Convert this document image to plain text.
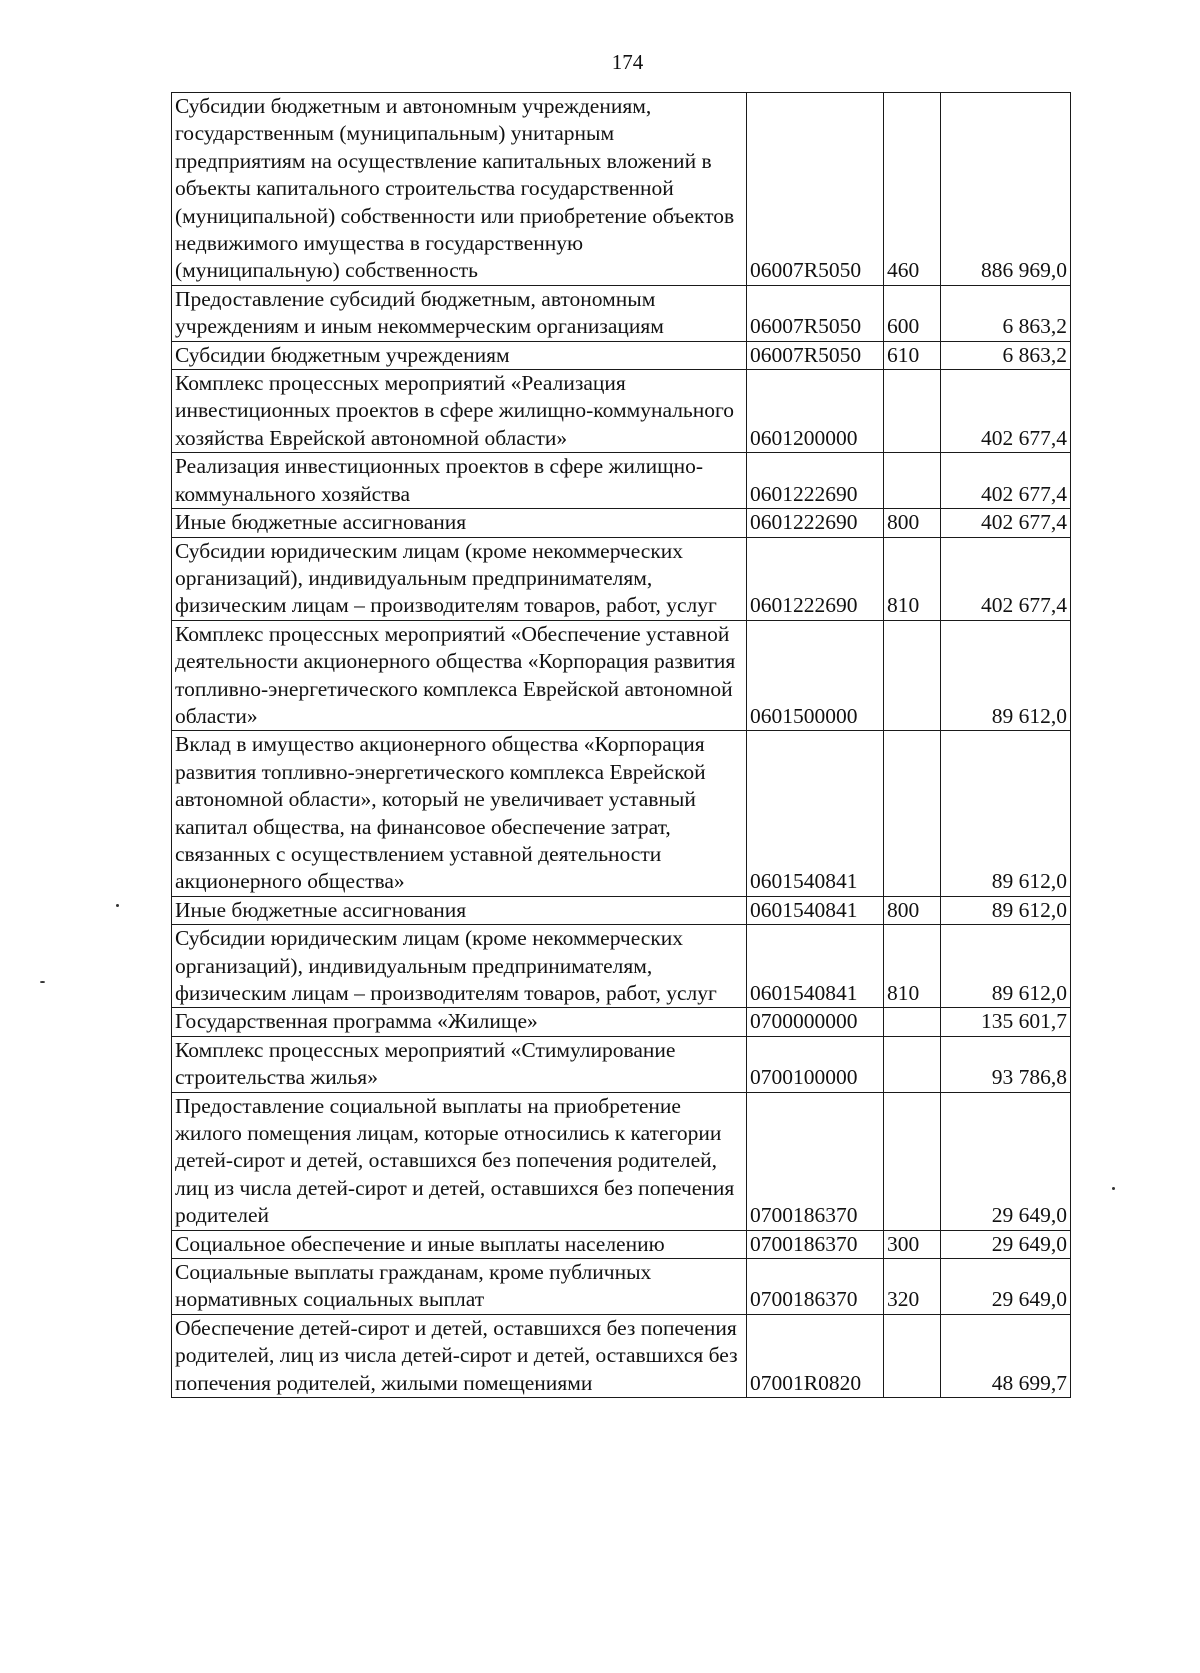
174
Субсидии бюджетным и автономным учреждениям, государственным (муниципальным) унитарным предприятиям на осуществление капитальных вложений в объекты капитального строительства государственной (муниципальной) собственности или приобретение объектов недвижимого имущества в государственную (муниципальную) собственность	06007R5050	460	886 969,0
Предоставление субсидий бюджетным, автономным учреждениям и иным некоммерческим организациям	06007R5050	600	6 863,2
Субсидии бюджетным учреждениям	06007R5050	610	6 863,2
Комплекс процессных мероприятий «Реализация инвестиционных проектов в сфере жилищно-коммунального хозяйства Еврейской автономной области»	0601200000		402 677,4
Реализация инвестиционных проектов в сфере жилищно-коммунального хозяйства	0601222690		402 677,4
Иные бюджетные ассигнования	0601222690	800	402 677,4
Субсидии юридическим лицам (кроме некоммерческих организаций), индивидуальным предпринимателям, физическим лицам – производителям товаров, работ, услуг	0601222690	810	402 677,4
Комплекс процессных мероприятий «Обеспечение уставной деятельности акционерного общества «Корпорация развития топливно-энергетического комплекса Еврейской автономной области»	0601500000		89 612,0
Вклад в имущество акционерного общества «Корпорация развития топливно-энергетического комплекса Еврейской автономной области», который не увеличивает уставный капитал общества, на финансовое обеспечение затрат, связанных с осуществлением уставной деятельности акционерного общества»	0601540841		89 612,0
Иные бюджетные ассигнования	0601540841	800	89 612,0
Субсидии юридическим лицам (кроме некоммерческих организаций), индивидуальным предпринимателям, физическим лицам – производителям товаров, работ, услуг	0601540841	810	89 612,0
Государственная программа «Жилище»	0700000000		135 601,7
Комплекс процессных мероприятий «Стимулирование строительства жилья»	0700100000		93 786,8
Предоставление социальной выплаты на приобретение жилого помещения лицам, которые относились к категории детей-сирот и детей, оставшихся без попечения родителей, лиц из числа детей-сирот и детей, оставшихся без попечения родителей	0700186370		29 649,0
Социальное обеспечение и иные выплаты населению	0700186370	300	29 649,0
Социальные выплаты гражданам, кроме публичных нормативных социальных выплат	0700186370	320	29 649,0
Обеспечение детей-сирот и детей, оставшихся без попечения родителей, лиц из числа детей-сирот и детей, оставшихся без попечения родителей, жилыми помещениями	07001R0820		48 699,7
